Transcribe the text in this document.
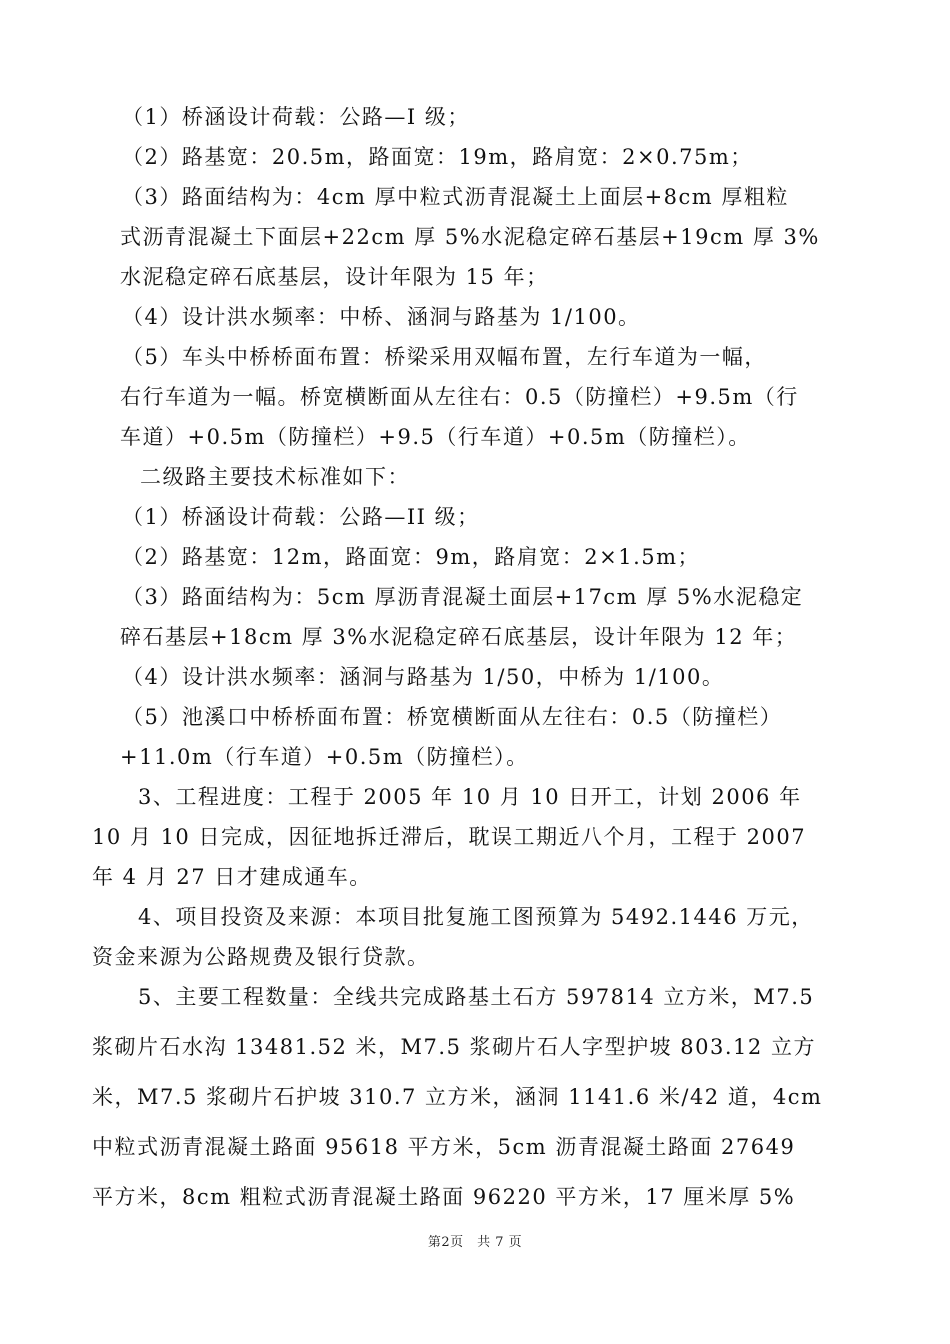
（1）桥涵设计荷载：公路—I 级；
（2）路基宽：20.5m，路面宽：19m，路肩宽：2×0.75m；
（3）路面结构为：4cm 厚中粒式沥青混凝土上面层+8cm 厚粗粒
式沥青混凝土下面层+22cm 厚 5%水泥稳定碎石基层+19cm 厚 3%
水泥稳定碎石底基层，设计年限为 15 年；
（4）设计洪水频率：中桥、涵洞与路基为 1/100。
（5）车头中桥桥面布置：桥梁采用双幅布置，左行车道为一幅，
右行车道为一幅。桥宽横断面从左往右：0.5（防撞栏）+9.5m（行
车道）+0.5m（防撞栏）+9.5（行车道）+0.5m（防撞栏）。
二级路主要技术标准如下：
（1）桥涵设计荷载：公路—II 级；
（2）路基宽：12m，路面宽：9m，路肩宽：2×1.5m；
（3）路面结构为：5cm 厚沥青混凝土面层+17cm 厚 5%水泥稳定
碎石基层+18cm 厚 3%水泥稳定碎石底基层，设计年限为 12 年；
（4）设计洪水频率：涵洞与路基为 1/50，中桥为 1/100。
（5）池溪口中桥桥面布置：桥宽横断面从左往右：0.5（防撞栏）
+11.0m（行车道）+0.5m（防撞栏）。
3、工程进度：工程于 2005 年 10 月 10 日开工，计划 2006 年
10 月 10 日完成，因征地拆迁滞后，耽误工期近八个月，工程于 2007
年 4 月 27 日才建成通车。
4、项目投资及来源：本项目批复施工图预算为 5492.1446 万元，
资金来源为公路规费及银行贷款。
5、主要工程数量：全线共完成路基土石方 597814 立方米，M7.5
浆砌片石水沟 13481.52 米，M7.5 浆砌片石人字型护坡 803.12 立方
米，M7.5 浆砌片石护坡 310.7 立方米，涵洞 1141.6 米/42 道，4cm
中粒式沥青混凝土路面 95618 平方米，5cm 沥青混凝土路面 27649
平方米，8cm 粗粒式沥青混凝土路面 96220 平方米，17 厘米厚 5%
第2页　共 7 页
